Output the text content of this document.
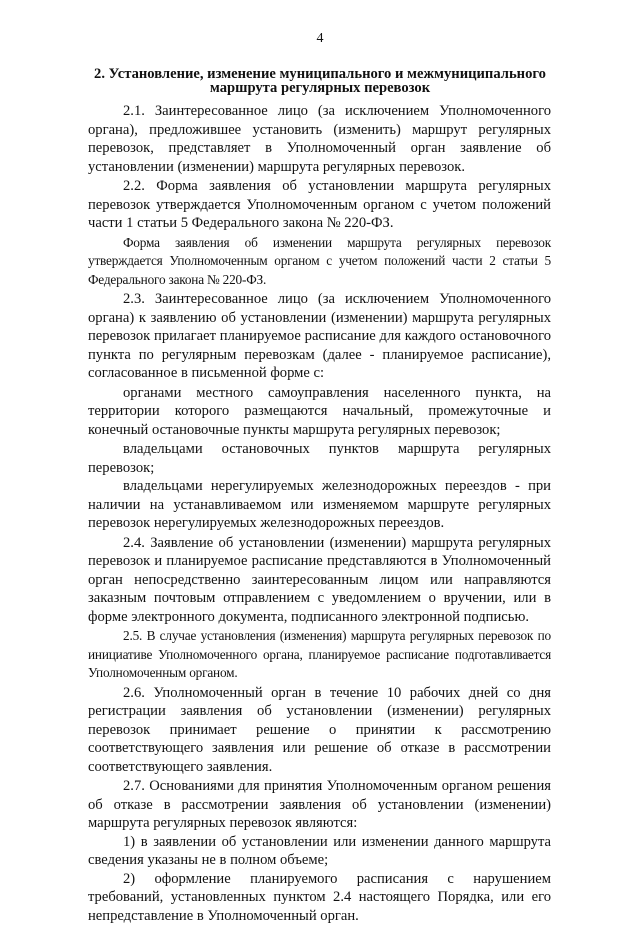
4
2. Установление, изменение муниципального и межмуниципального маршрута регулярных перевозок

2.1. Заинтересованное лицо (за исключением Уполномоченного органа), предложившее установить (изменить) маршрут регулярных перевозок, представляет в Уполномоченный орган заявление об установлении (изменении) маршрута регулярных перевозок.

2.2. Форма заявления об установлении маршрута регулярных перевозок утверждается Уполномоченным органом с учетом положений части 1 статьи 5 Федерального закона № 220-ФЗ.

Форма заявления об изменении маршрута регулярных перевозок утверждается Уполномоченным органом с учетом положений части 2 статьи 5 Федерального закона № 220-ФЗ.

2.3. Заинтересованное лицо (за исключением Уполномоченного органа) к заявлению об установлении (изменении) маршрута регулярных перевозок прилагает планируемое расписание для каждого остановочного пункта по регулярным перевозкам (далее - планируемое расписание), согласованное в письменной форме с:

органами местного самоуправления населенного пункта, на территории которого размещаются начальный, промежуточные и конечный остановочные пункты маршрута регулярных перевозок;

владельцами остановочных пунктов маршрута регулярных перевозок;

владельцами нерегулируемых железнодорожных переездов - при наличии на устанавливаемом или изменяемом маршруте регулярных перевозок нерегулируемых железнодорожных переездов.

2.4. Заявление об установлении (изменении) маршрута регулярных перевозок и планируемое расписание представляются в Уполномоченный орган непосредственно заинтересованным лицом или направляются заказным почтовым отправлением с уведомлением о вручении, или в форме электронного документа, подписанного электронной подписью.

2.5. В случае установления (изменения) маршрута регулярных перевозок по инициативе Уполномоченного органа, планируемое расписание подготавливается Уполномоченным органом.

2.6. Уполномоченный орган в течение 10 рабочих дней со дня регистрации заявления об установлении (изменении) регулярных перевозок принимает решение о принятии к рассмотрению соответствующего заявления или решение об отказе в рассмотрении соответствующего заявления.

2.7. Основаниями для принятия Уполномоченным органом решения об отказе в рассмотрении заявления об установлении (изменении) маршрута регулярных перевозок являются:

1) в заявлении об установлении или изменении данного маршрута сведения указаны не в полном объеме;

2) оформление планируемого расписания с нарушением требований, установленных пунктом 2.4 настоящего Порядка, или его непредставление в Уполномоченный орган.
